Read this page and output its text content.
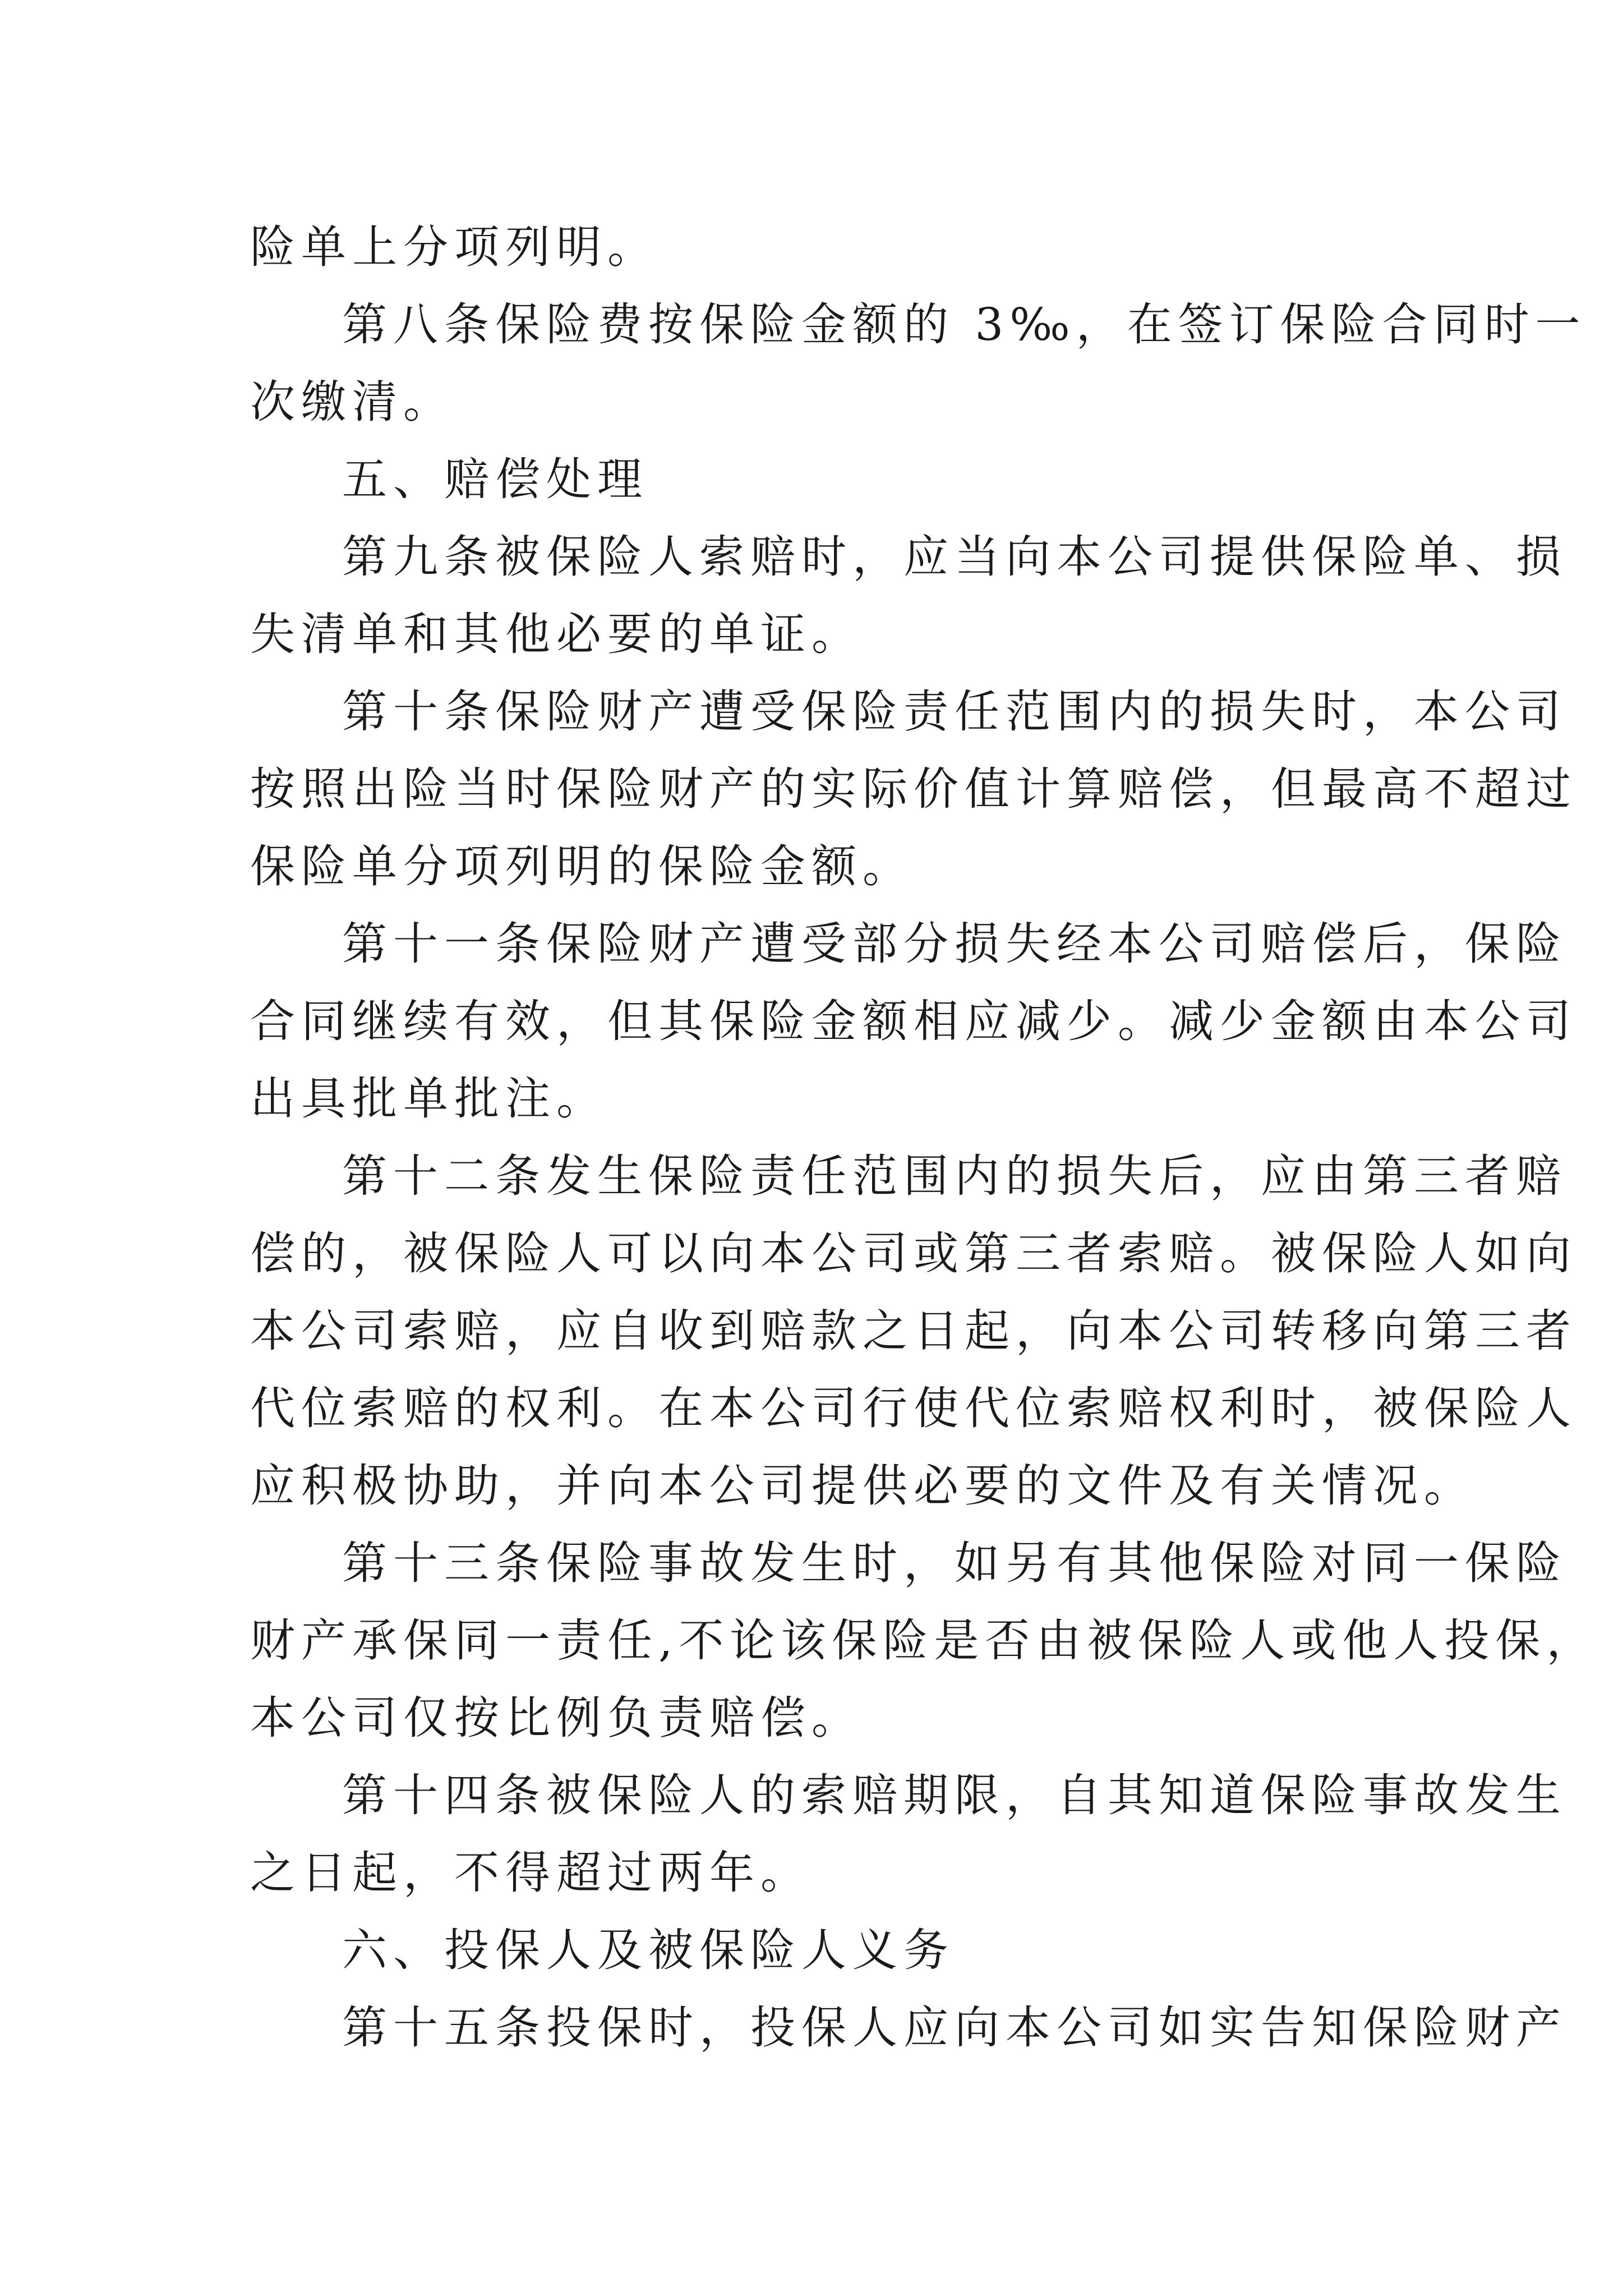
险单上分项列明。

第八条保险费按保险金额的 3‰，在签订保险合同时一
次缴清。

五、赔偿处理

第九条被保险人索赔时，应当向本公司提供保险单、损
失清单和其他必要的单证。

第十条保险财产遭受保险责任范围内的损失时，本公司
按照出险当时保险财产的实际价值计算赔偿，但最高不超过
保险单分项列明的保险金额。

第十一条保险财产遭受部分损失经本公司赔偿后，保险
合同继续有效，但其保险金额相应减少。减少金额由本公司
出具批单批注。

第十二条发生保险责任范围内的损失后，应由第三者赔
偿的，被保险人可以向本公司或第三者索赔。被保险人如向
本公司索赔，应自收到赔款之日起，向本公司转移向第三者
代位索赔的权利。在本公司行使代位索赔权利时，被保险人
应积极协助，并向本公司提供必要的文件及有关情况。

第十三条保险事故发生时，如另有其他保险对同一保险
财产承保同一责任,不论该保险是否由被保险人或他人投保，
本公司仅按比例负责赔偿。

第十四条被保险人的索赔期限，自其知道保险事故发生
之日起，不得超过两年。

六、投保人及被保险人义务

第十五条投保时，投保人应向本公司如实告知保险财产
